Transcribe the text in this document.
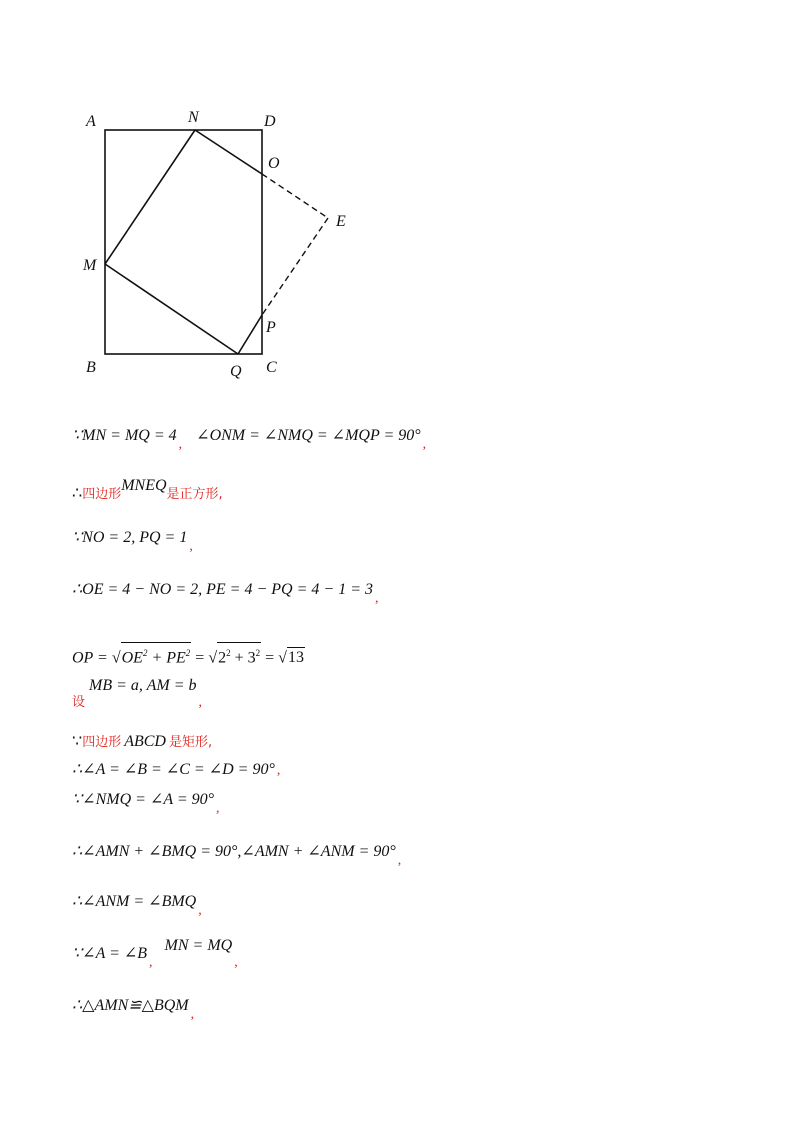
A	N	D
O
E
M
P
B	Q C
∵MN = MQ = 4, ∠ONM = ∠NMQ = ∠MQP = 90°,
∴四边形MNEQ是正方形,
∵NO = 2, PQ = 1,
∴OE = 4 − NO = 2, PE = 4 − PQ = 4 − 1 = 3,
OP = $√OE^2 + PE^2 = √2^2 + 3^2 = √13$
$_设$MB = a, AM = b,
∵四边形 ABCD 是矩形,
∴∠A = ∠B = ∠C = ∠D = 90° ,
∵∠NMQ = ∠A = 90°,
∴∠AMN + ∠BMQ = 90°,∠AMN + ∠ANM = 90°,
∴∠ANM = ∠BMQ,
∵∠A = ∠B, MN = MQ,
∴△AMN≌△BQM,
